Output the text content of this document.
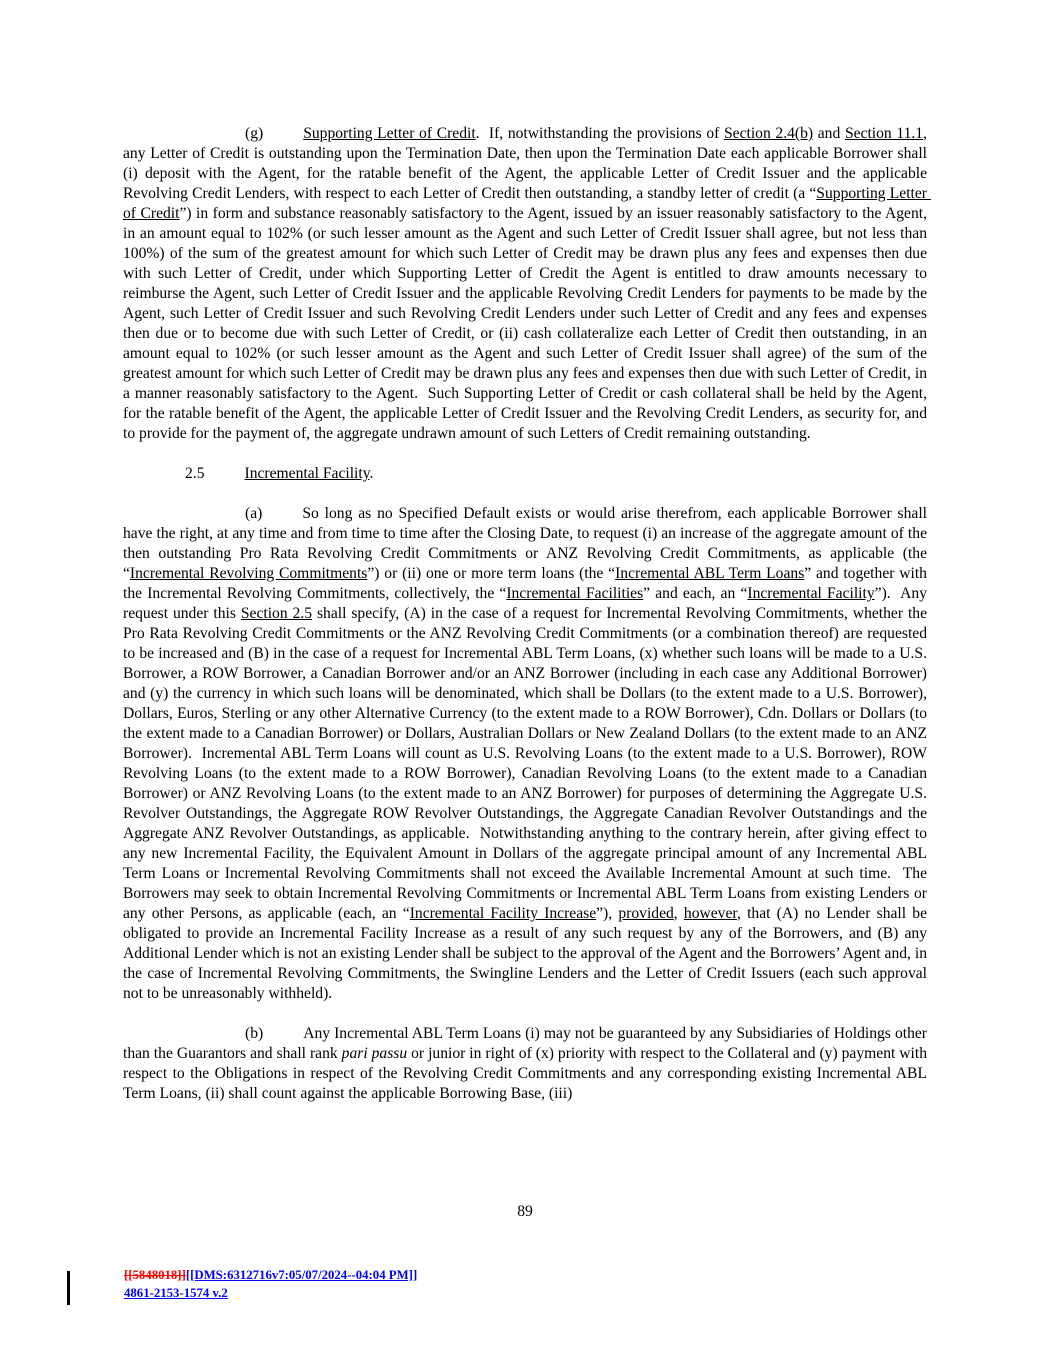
(g)	Supporting Letter of Credit.  If, notwithstanding the provisions of Section 2.4(b) and Section 11.1, any Letter of Credit is outstanding upon the Termination Date, then upon the Termination Date each applicable Borrower shall (i) deposit with the Agent, for the ratable benefit of the Agent, the applicable Letter of Credit Issuer and the applicable Revolving Credit Lenders, with respect to each Letter of Credit then outstanding, a standby letter of credit (a “Supporting Letter of Credit”) in form and substance reasonably satisfactory to the Agent, issued by an issuer reasonably satisfactory to the Agent, in an amount equal to 102% (or such lesser amount as the Agent and such Letter of Credit Issuer shall agree, but not less than 100%) of the sum of the greatest amount for which such Letter of Credit may be drawn plus any fees and expenses then due with such Letter of Credit, under which Supporting Letter of Credit the Agent is entitled to draw amounts necessary to reimburse the Agent, such Letter of Credit Issuer and the applicable Revolving Credit Lenders for payments to be made by the Agent, such Letter of Credit Issuer and such Revolving Credit Lenders under such Letter of Credit and any fees and expenses then due or to become due with such Letter of Credit, or (ii) cash collateralize each Letter of Credit then outstanding, in an amount equal to 102% (or such lesser amount as the Agent and such Letter of Credit Issuer shall agree) of the sum of the greatest amount for which such Letter of Credit may be drawn plus any fees and expenses then due with such Letter of Credit, in a manner reasonably satisfactory to the Agent.  Such Supporting Letter of Credit or cash collateral shall be held by the Agent, for the ratable benefit of the Agent, the applicable Letter of Credit Issuer and the Revolving Credit Lenders, as security for, and to provide for the payment of, the aggregate undrawn amount of such Letters of Credit remaining outstanding.

2.5	Incremental Facility.

(a)	So long as no Specified Default exists or would arise therefrom, each applicable Borrower shall have the right, at any time and from time to time after the Closing Date, to request (i) an increase of the aggregate amount of the then outstanding Pro Rata Revolving Credit Commitments or ANZ Revolving Credit Commitments, as applicable (the “Incremental Revolving Commitments”) or (ii) one or more term loans (the “Incremental ABL Term Loans” and together with the Incremental Revolving Commitments, collectively, the “Incremental Facilities” and each, an “Incremental Facility”).  Any request under this Section 2.5 shall specify, (A) in the case of a request for Incremental Revolving Commitments, whether the Pro Rata Revolving Credit Commitments or the ANZ Revolving Credit Commitments (or a combination thereof) are requested to be increased and (B) in the case of a request for Incremental ABL Term Loans, (x) whether such loans will be made to a U.S. Borrower, a ROW Borrower, a Canadian Borrower and/or an ANZ Borrower (including in each case any Additional Borrower) and (y) the currency in which such loans will be denominated, which shall be Dollars (to the extent made to a U.S. Borrower), Dollars, Euros, Sterling or any other Alternative Currency (to the extent made to a ROW Borrower), Cdn. Dollars or Dollars (to the extent made to a Canadian Borrower) or Dollars, Australian Dollars or New Zealand Dollars (to the extent made to an ANZ Borrower).  Incremental ABL Term Loans will count as U.S. Revolving Loans (to the extent made to a U.S. Borrower), ROW Revolving Loans (to the extent made to a ROW Borrower), Canadian Revolving Loans (to the extent made to a Canadian Borrower) or ANZ Revolving Loans (to the extent made to an ANZ Borrower) for purposes of determining the Aggregate U.S. Revolver Outstandings, the Aggregate ROW Revolver Outstandings, the Aggregate Canadian Revolver Outstandings and the Aggregate ANZ Revolver Outstandings, as applicable.  Notwithstanding anything to the contrary herein, after giving effect to any new Incremental Facility, the Equivalent Amount in Dollars of the aggregate principal amount of any Incremental ABL Term Loans or Incremental Revolving Commitments shall not exceed the Available Incremental Amount at such time.  The Borrowers may seek to obtain Incremental Revolving Commitments or Incremental ABL Term Loans from existing Lenders or any other Persons, as applicable (each, an “Incremental Facility Increase”), provided, however, that (A) no Lender shall be obligated to provide an Incremental Facility Increase as a result of any such request by any of the Borrowers, and (B) any Additional Lender which is not an existing Lender shall be subject to the approval of the Agent and the Borrowers’ Agent and, in the case of Incremental Revolving Commitments, the Swingline Lenders and the Letter of Credit Issuers (each such approval not to be unreasonably withheld).

(b)	Any Incremental ABL Term Loans (i) may not be guaranteed by any Subsidiaries of Holdings other than the Guarantors and shall rank pari passu or junior in right of (x) priority with respect to the Collateral and (y) payment with respect to the Obligations in respect of the Revolving Credit Commitments and any corresponding existing Incremental ABL Term Loans, (ii) shall count against the applicable Borrowing Base, (iii)

89
[[5848018]][[DMS:6312716v7:05/07/2024--04:04 PM]]
4861-2153-1574 v.2
